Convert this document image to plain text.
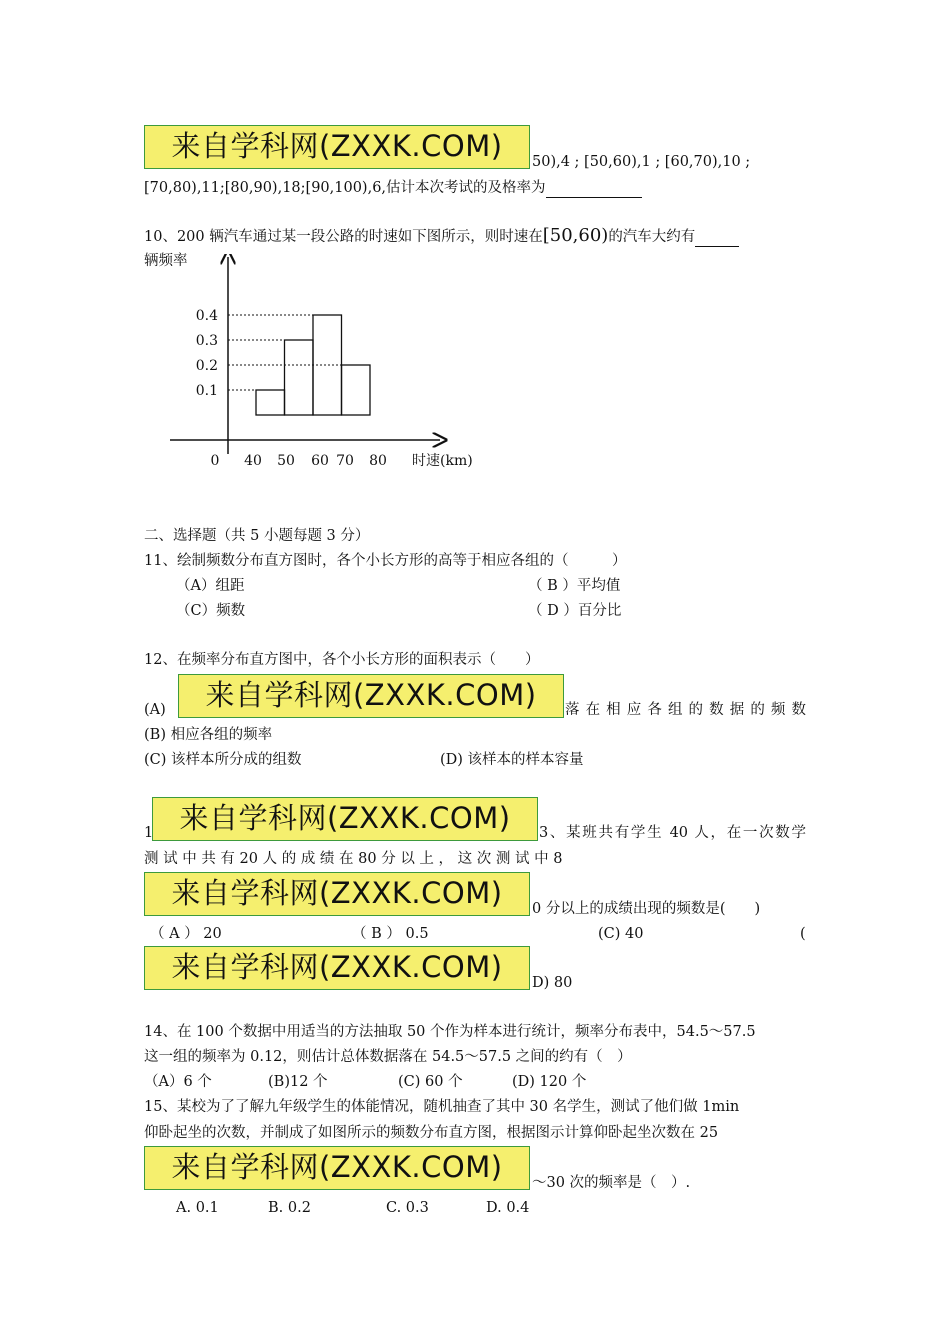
来自学科网(ZXXK.COM)	50),4 ; [50,60),1 ; [60,70),10 ;
[70,80),11;[80,90),18;[90,100),6,估计本次考试的及格率为
10、200 辆汽车通过某一段公路的时速如下图所示，则时速在[50,60)的汽车大约有
辆频率
0.1
0.2
0.3
0.4
40 50 60 70 80
0	时速(km)
二、选择题（共 5 小题每题 3 分）
11、绘制频数分布直方图时，各个小长方形的高等于相应各组的（　　　）
（A）组距	（ B ）平均值
（C）频数	（ D ）百分比
12、在频率分布直方图中，各个小长方形的面积表示（　　）
来自学科网(ZXXK.COM)
(A)	落在相应各组的数据的频数
(B) 相应各组的频率
(C) 该样本所分成的组数	(D) 该样本的样本容量
来自学科网(ZXXK.COM)
1	3、某班共有学生 40 人，在一次数学
测 试 中 共 有 20 人 的 成 绩 在 80 分 以 上 ， 这 次 测 试 中 8
来自学科网(ZXXK.COM)	0 分以上的成绩出现的频数是(　　)
（ A ） 20	（ B ） 0.5	(C) 40	(
来自学科网(ZXXK.COM)	D) 80
14、在 100 个数据中用适当的方法抽取 50 个作为样本进行统计，频率分布表中，54.5～57.5
这一组的频率为 0.12，则估计总体数据落在 54.5～57.5 之间的约有（　）
（A）6 个	(B)12 个	(C) 60 个	(D) 120 个
15、某校为了了解九年级学生的体能情况，随机抽查了其中 30 名学生，测试了他们做 1min
仰卧起坐的次数，并制成了如图所示的频数分布直方图，根据图示计算仰卧起坐次数在 25
来自学科网(ZXXK.COM)	～30 次的频率是（　）.
A. 0.1	B. 0.2	C. 0.3	D. 0.4
